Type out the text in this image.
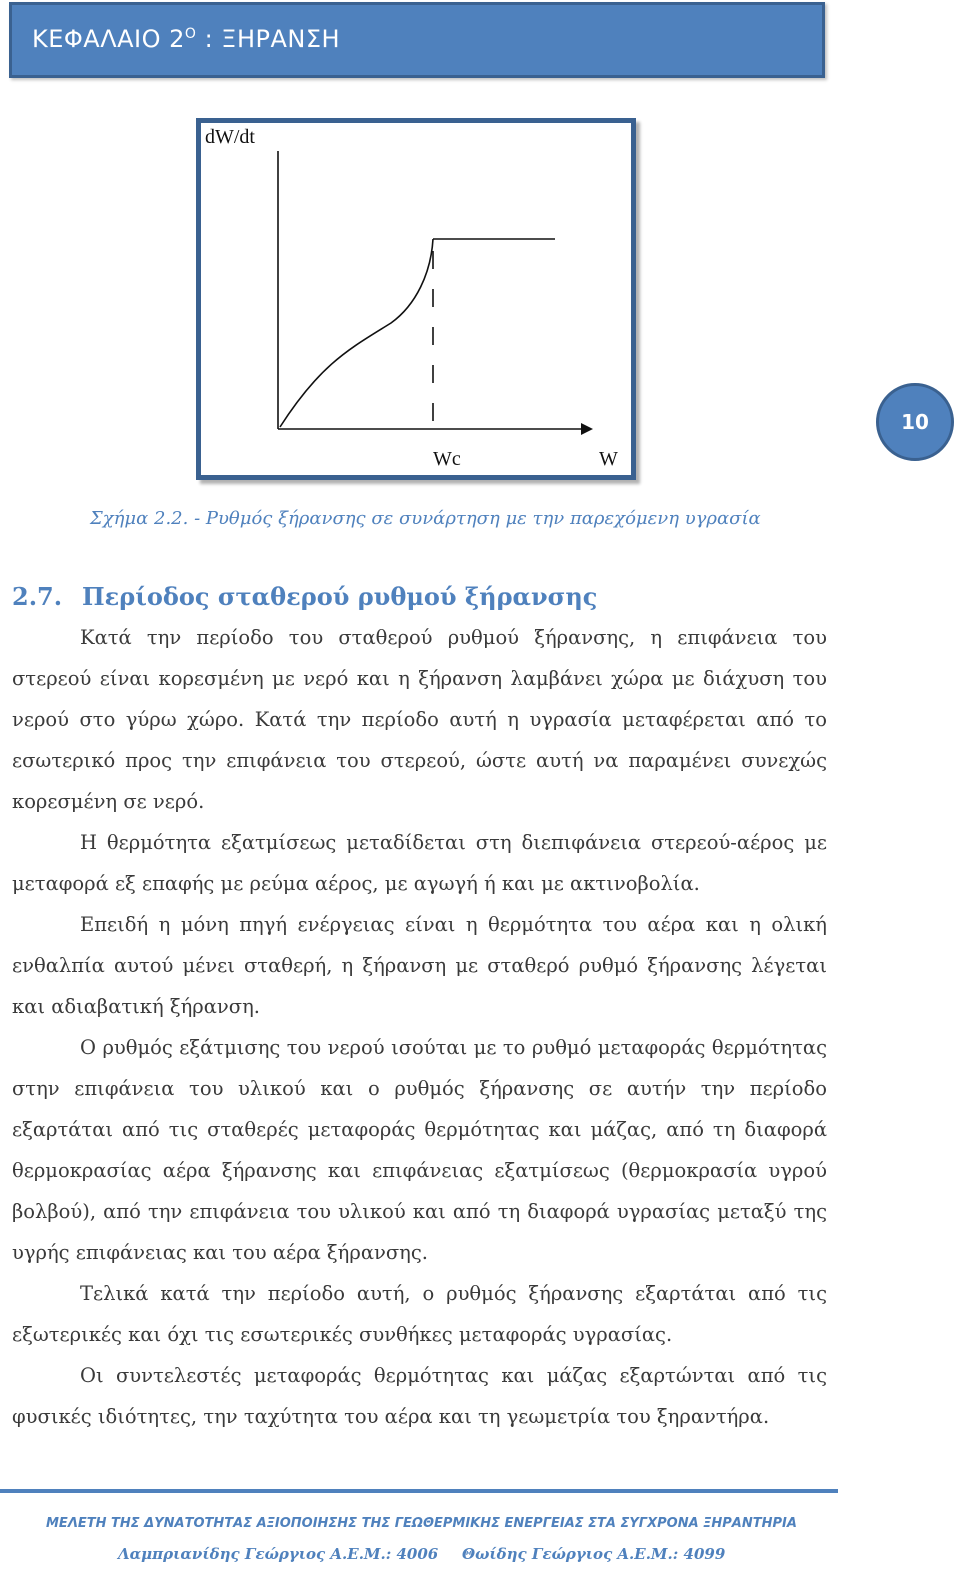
ΚΕΦΑΛΑΙΟ $2^O$ : ΞΗΡΑΝΣΗ
10
dW/dt
Wc	W
Σχήμα 2.2. - Ρυθμός ξήρανσης σε συνάρτηση με την παρεχόμενη υγρασία
2.7. Περίοδος σταθερού ρυθμού ξήρανσης

Κατά την περίοδο του σταθερού ρυθμού ξήρανσης, η επιφάνεια του στερεού είναι κορεσμένη με νερό και η ξήρανση λαμβάνει χώρα με διάχυση του νερού στο γύρω χώρο. Κατά την περίοδο αυτή η υγρασία μεταφέρεται από το εσωτερικό προς την επιφάνεια του στερεού, ώστε αυτή να παραμένει συνεχώς κορεσμένη σε νερό.

Η θερμότητα εξατμίσεως μεταδίδεται στη διεπιφάνεια στερεού-αέρος με μεταφορά εξ επαφής με ρεύμα αέρος, με αγωγή ή και με ακτινοβολία.

Επειδή η μόνη πηγή ενέργειας είναι η θερμότητα του αέρα και η ολική ενθαλπία αυτού μένει σταθερή, η ξήρανση με σταθερό ρυθμό ξήρανσης λέγεται και αδιαβατική ξήρανση.

Ο ρυθμός εξάτμισης του νερού ισούται με το ρυθμό μεταφοράς θερμότητας στην επιφάνεια του υλικού και ο ρυθμός ξήρανσης σε αυτήν την περίοδο εξαρτάται από τις σταθερές μεταφοράς θερμότητας και μάζας, από τη διαφορά θερμοκρασίας αέρα ξήρανσης και επιφάνειας εξατμίσεως (θερμοκρασία υγρού βολβού), από την επιφάνεια του υλικού και από τη διαφορά υγρασίας μεταξύ της υγρής επιφάνειας και του αέρα ξήρανσης.

Τελικά κατά την περίοδο αυτή, ο ρυθμός ξήρανσης εξαρτάται από τις εξωτερικές και όχι τις εσωτερικές συνθήκες μεταφοράς υγρασίας.

Οι συντελεστές μεταφοράς θερμότητας και μάζας εξαρτώνται από τις φυσικές ιδιότητες, την ταχύτητα του αέρα και τη γεωμετρία του ξηραντήρα.

ΜΕΛΕΤΗ ΤΗΣ ΔΥΝΑΤΟΤΗΤΑΣ ΑΞΙΟΠΟΙΗΣΗΣ ΤΗΣ ΓΕΩΘΕΡΜΙΚΗΣ ΕΝΕΡΓΕΙΑΣ ΣΤΑ ΣΥΓΧΡΟΝΑ ΞΗΡΑΝΤΗΡΙΑ
Λαμπριανίδης Γεώργιος Α.Ε.Μ.: 4006 Θωίδης Γεώργιος Α.Ε.Μ.: 4099
